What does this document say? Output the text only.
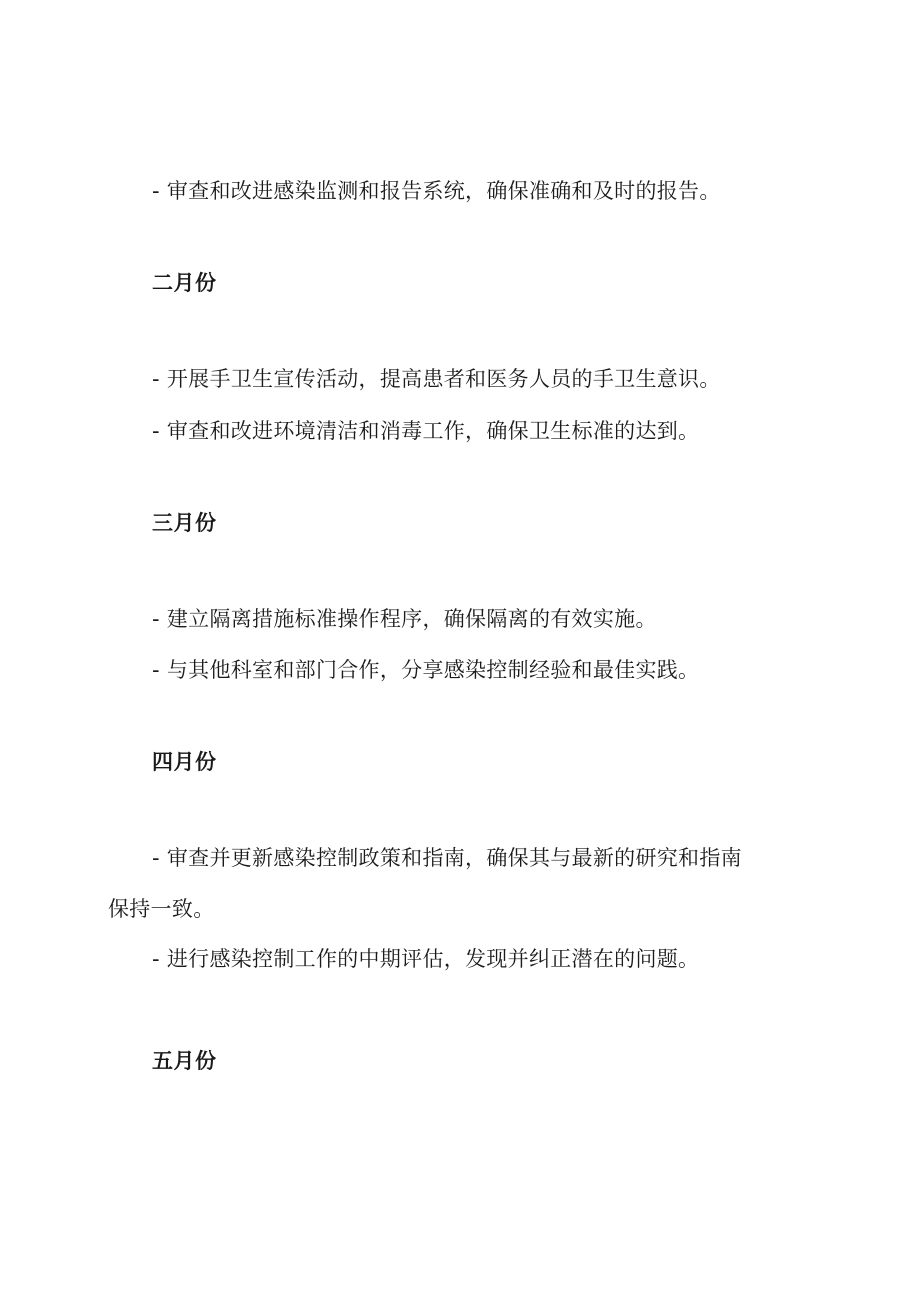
- 审查和改进感染监测和报告系统，确保准确和及时的报告。
二月份
- 开展手卫生宣传活动，提高患者和医务人员的手卫生意识。
- 审查和改进环境清洁和消毒工作，确保卫生标准的达到。
三月份
- 建立隔离措施标准操作程序，确保隔离的有效实施。
- 与其他科室和部门合作，分享感染控制经验和最佳实践。
四月份
- 审查并更新感染控制政策和指南，确保其与最新的研究和指南
保持一致。
- 进行感染控制工作的中期评估，发现并纠正潜在的问题。
五月份
